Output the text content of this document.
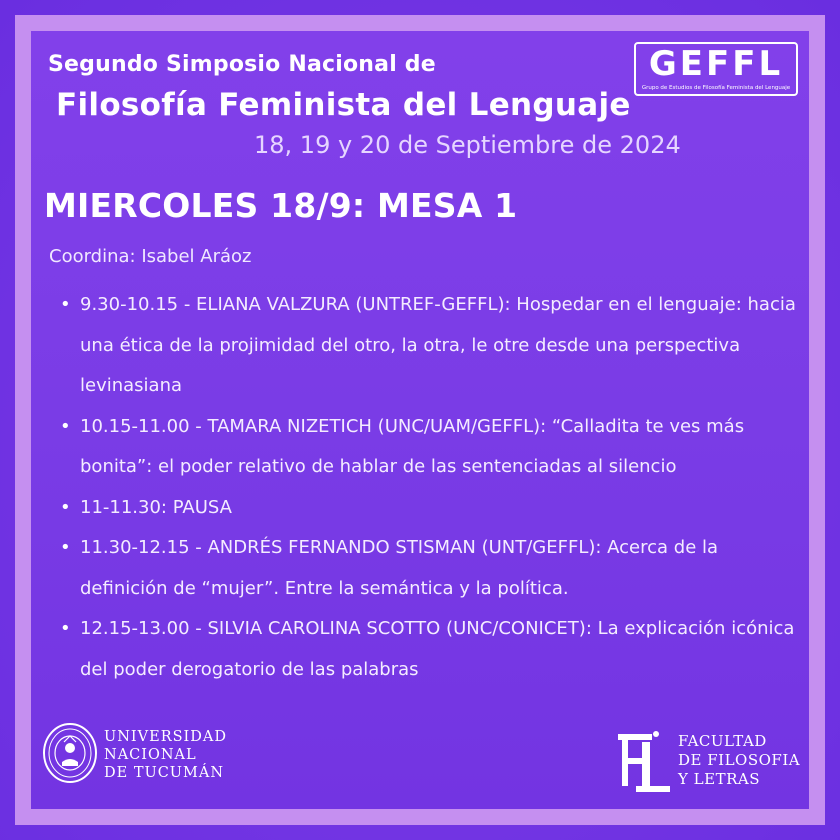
Segundo Simposio Nacional de
Filosofía Feminista del Lenguaje
18, 19 y 20 de Septiembre de 2024
GEFFL
Grupo de Estudios de Filosofía Feminista del Lenguaje
MIERCOLES 18/9: MESA 1
Coordina: Isabel Aráoz
• 9.30-10.15 - ELIANA VALZURA (UNTREF-GEFFL): Hospedar en el lenguaje: hacia una ética de la projimidad del otro, la otra, le otre desde una perspectiva levinasiana
• 10.15-11.00 - TAMARA NIZETICH (UNC/UAM/GEFFL): “Calladita te ves más bonita”: el poder relativo de hablar de las sentenciadas al silencio
• 11-11.30: PAUSA
• 11.30-12.15 - ANDRÉS FERNANDO STISMAN (UNT/GEFFL): Acerca de la definición de “mujer”. Entre la semántica y la política.
• 12.15-13.00 - SILVIA CAROLINA SCOTTO (UNC/CONICET): La explicación icónica del poder derogatorio de las palabras
UNIVERSIDAD
NACIONAL
DE TUCUMÁN
FACULTAD
DE FILOSOFIA
Y LETRAS
